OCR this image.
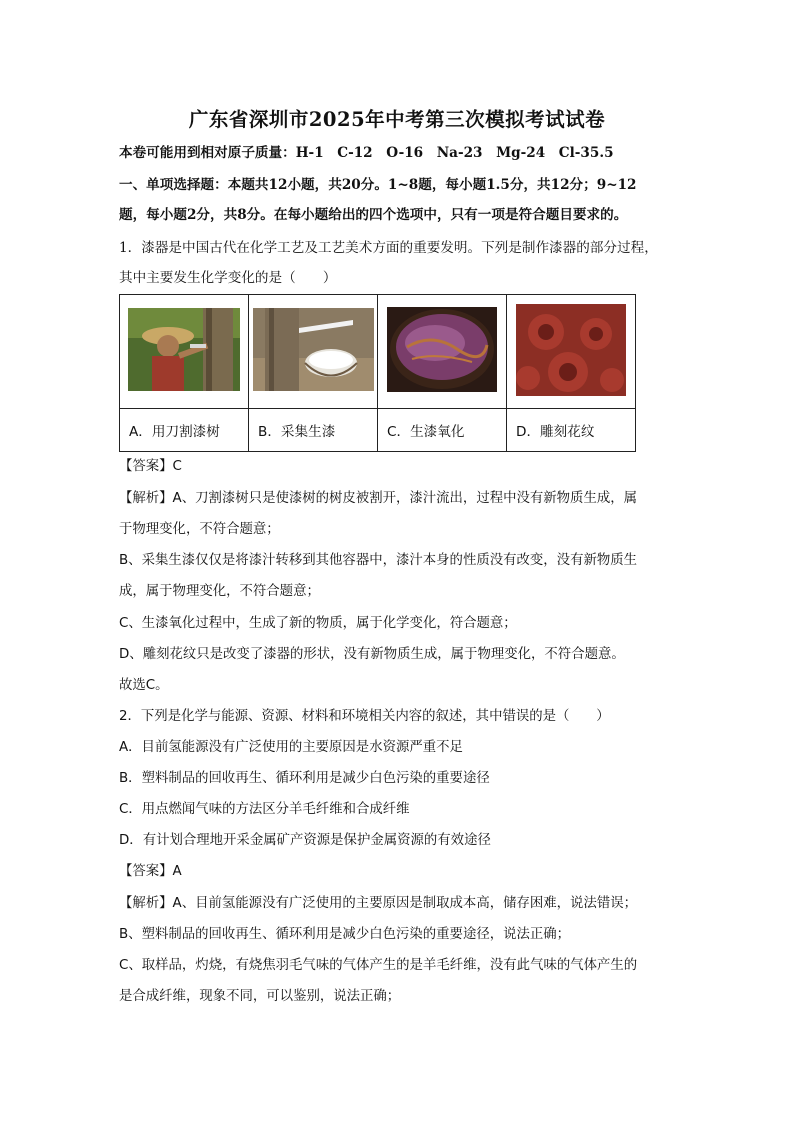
广东省深圳市2025年中考第三次模拟考试试卷
本卷可能用到相对原子质量：H-1　C-12　O-16　Na-23　Mg-24　Cl-35.5
一、单项选择题：本题共12小题，共20分。1~8题，每小题1.5分，共12分；9~12
题，每小题2分，共8分。在每小题给出的四个选项中，只有一项是符合题目要求的。
1．漆器是中国古代在化学工艺及工艺美术方面的重要发明。下列是制作漆器的部分过程，
其中主要发生化学变化的是（　　）

A．用刀割漆树	B．采集生漆	C．生漆氧化	D．雕刻花纹
【答案】C
【解析】A、刀割漆树只是使漆树的树皮被割开，漆汁流出，过程中没有新物质生成，属
于物理变化，不符合题意；
B、采集生漆仅仅是将漆汁转移到其他容器中，漆汁本身的性质没有改变，没有新物质生
成，属于物理变化，不符合题意；
C、生漆氧化过程中，生成了新的物质，属于化学变化，符合题意；
D、雕刻花纹只是改变了漆器的形状，没有新物质生成，属于物理变化，不符合题意。
故选C。
2．下列是化学与能源、资源、材料和环境相关内容的叙述，其中错误的是（　　）
A．目前氢能源没有广泛使用的主要原因是水资源严重不足
B．塑料制品的回收再生、循环利用是减少白色污染的重要途径
C．用点燃闻气味的方法区分羊毛纤维和合成纤维
D．有计划合理地开采金属矿产资源是保护金属资源的有效途径
【答案】A
【解析】A、目前氢能源没有广泛使用的主要原因是制取成本高，储存困难，说法错误；
B、塑料制品的回收再生、循环利用是减少白色污染的重要途径，说法正确；
C、取样品，灼烧，有烧焦羽毛气味的气体产生的是羊毛纤维，没有此气味的气体产生的
是合成纤维，现象不同，可以鉴别，说法正确；
